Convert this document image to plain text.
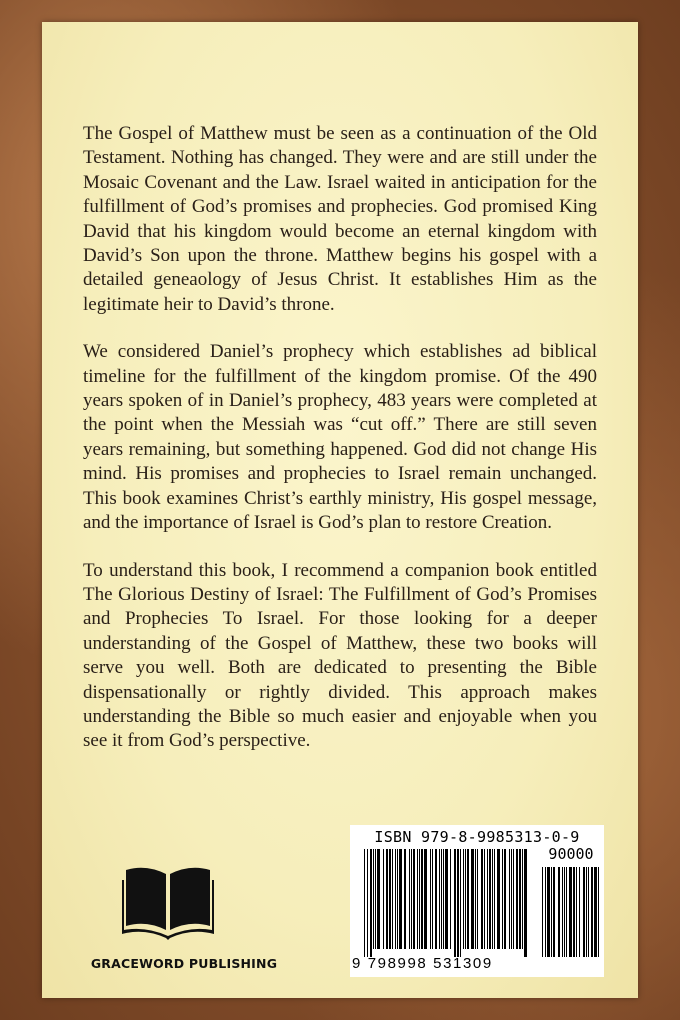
The Gospel of Matthew must be seen as a continuation of the Old Testament. Nothing has changed. They were and are still under the Mosaic Covenant and the Law. Israel waited in anticipation for the fulfillment of God’s promises and prophecies. God promised King David that his kingdom would become an eternal kingdom with David’s Son upon the throne. Matthew begins his gospel with a detailed geneaology of Jesus Christ. It establishes Him as the legitimate heir to David’s throne.

We considered Daniel’s prophecy which establishes ad biblical timeline for the fulfillment of the kingdom promise. Of the 490 years spoken of in Daniel’s prophecy, 483 years were completed at the point when the Messiah was “cut off.” There are still seven years remaining, but something happened. God did not change His mind. His promises and prophecies to Israel remain unchanged. This book examines Christ’s earthly ministry, His gospel message, and the importance of Israel is God’s plan to restore Creation.

To understand this book, I recommend a companion book entitled The Glorious Destiny of Israel: The Fulfillment of God’s Promises and Prophecies To Israel. For those looking for a deeper understanding of the Gospel of Matthew, these two books will serve you well. Both are dedicated to presenting the Bible dispensationally or rightly divided. This approach makes understanding the Bible so much easier and enjoyable when you see it from God’s perspective.

GRACEWORD PUBLISHING
ISBN 979-8-9985313-0-9
90000
9 798998 531309
